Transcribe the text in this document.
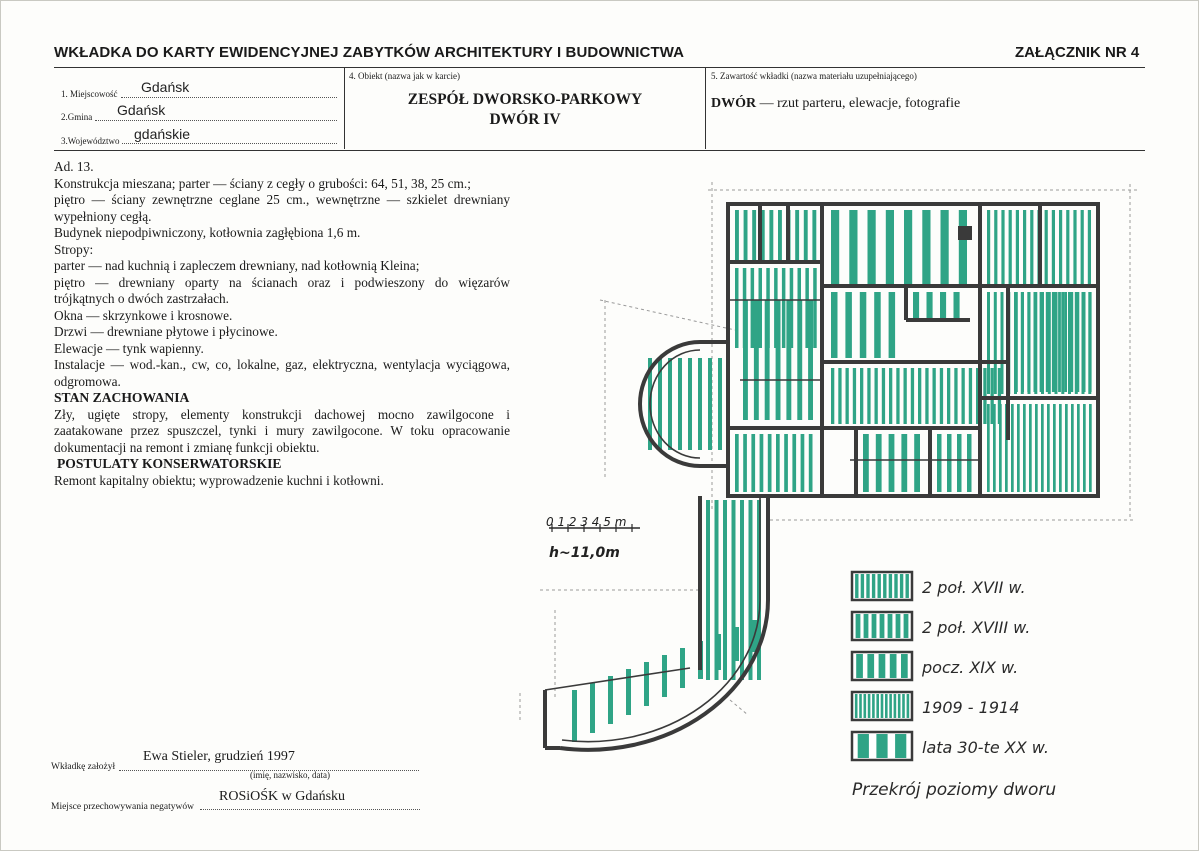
WKŁADKA DO KARTY EWIDENCYJNEJ ZABYTKÓW ARCHITEKTURY I BUDOWNICTWA	ZAŁĄCZNIK NR 4
1. Miejscowość Gdańsk
2.Gmina Gdańsk
3.Województwo gdańskie
4. Obiekt (nazwa jak w karcie)
ZESPÓŁ DWORSKO-PARKOWY
DWÓR IV
5. Zawartość wkładki (nazwa materiału uzupełniającego)
DWÓR — rzut parteru, elewacje, fotografie

Ad. 13.

Konstrukcja mieszana; parter — ściany z cegły o grubości: 64, 51, 38, 25 cm.;

piętro — ściany zewnętrzne ceglane 25 cm., wewnętrzne — szkielet drewniany

wypełniony cegłą.

Budynek niepodpiwniczony, kotłownia zagłębiona 1,6 m.

Stropy:

parter — nad kuchnią i zapleczem drewniany, nad kotłownią Kleina;

piętro — drewniany oparty na ścianach oraz i podwieszony do więzarów

trójkątnych o dwóch zastrzałach.

Okna — skrzynkowe i krosnowe.

Drzwi — drewniane płytowe i płycinowe.

Elewacje — tynk wapienny.

Instalacje — wod.-kan., cw, co, lokalne, gaz, elektryczna, wentylacja wyciągowa,

odgromowa.

STAN ZACHOWANIA

Zły, ugięte stropy, elementy konstrukcji dachowej mocno zawilgocone i

zaatakowane przez spuszczel, tynki i mury zawilgocone. W toku opracowanie

dokumentacji na remont i zmianę funkcji obiektu.

POSTULATY KONSERWATORSKIE

Remont kapitalny obiektu; wyprowadzenie kuchni i kotłowni.

0 1 2 3 4 5 m
h~11,0m
2 poł. XVII w.
2 poł. XVIII w.
pocz. XIX w.
1909 - 1914
lata 30-te XX w.
Przekrój poziomy dworu
Wkładkę założył
Ewa Stieler, grudzień 1997
(imię, nazwisko, data)
Miejsce przechowywania negatywów
ROSiOŚK w Gdańsku
